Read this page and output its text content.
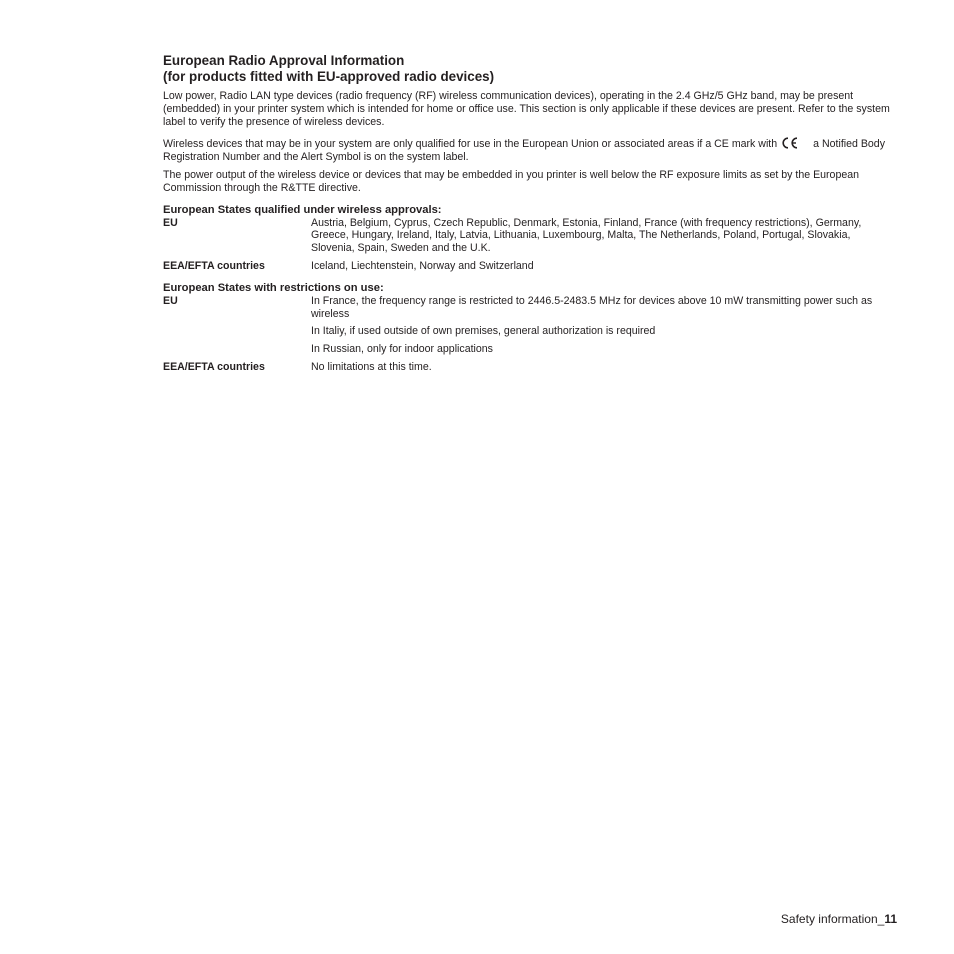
European Radio Approval Information
(for products fitted with EU-approved radio devices)

Low power, Radio LAN type devices (radio frequency (RF) wireless communication devices), operating in the 2.4 GHz/5 GHz band, may be present (embedded) in your printer system which is intended for home or office use. This section is only applicable if these devices are present. Refer to the system label to verify the presence of wireless devices.

Wireless devices that may be in your system are only qualified for use in the European Union or associated areas if a CE mark with	a Notified Body Registration Number and the Alert Symbol is on the system label.

The power output of the wireless device or devices that may be embedded in you printer is well below the RF exposure limits as set by the European Commission through the R&TTE directive.

European States qualified under wireless approvals:
EU	Austria, Belgium, Cyprus, Czech Republic, Denmark, Estonia, Finland, France (with frequency restrictions), Germany, Greece, Hungary, Ireland, Italy, Latvia, Lithuania, Luxembourg, Malta, The Netherlands, Poland, Portugal, Slovakia, Slovenia, Spain, Sweden and the U.K.
EEA/EFTA countries	Iceland, Liechtenstein, Norway and Switzerland
European States with restrictions on use:
EU	In France, the frequency range is restricted to 2446.5-2483.5 MHz for devices above 10 mW transmitting power such as wireless
In Italiy, if used outside of own premises, general authorization is required
In Russian, only for indoor applications
EEA/EFTA countries	No limitations at this time.
Safety information_11
